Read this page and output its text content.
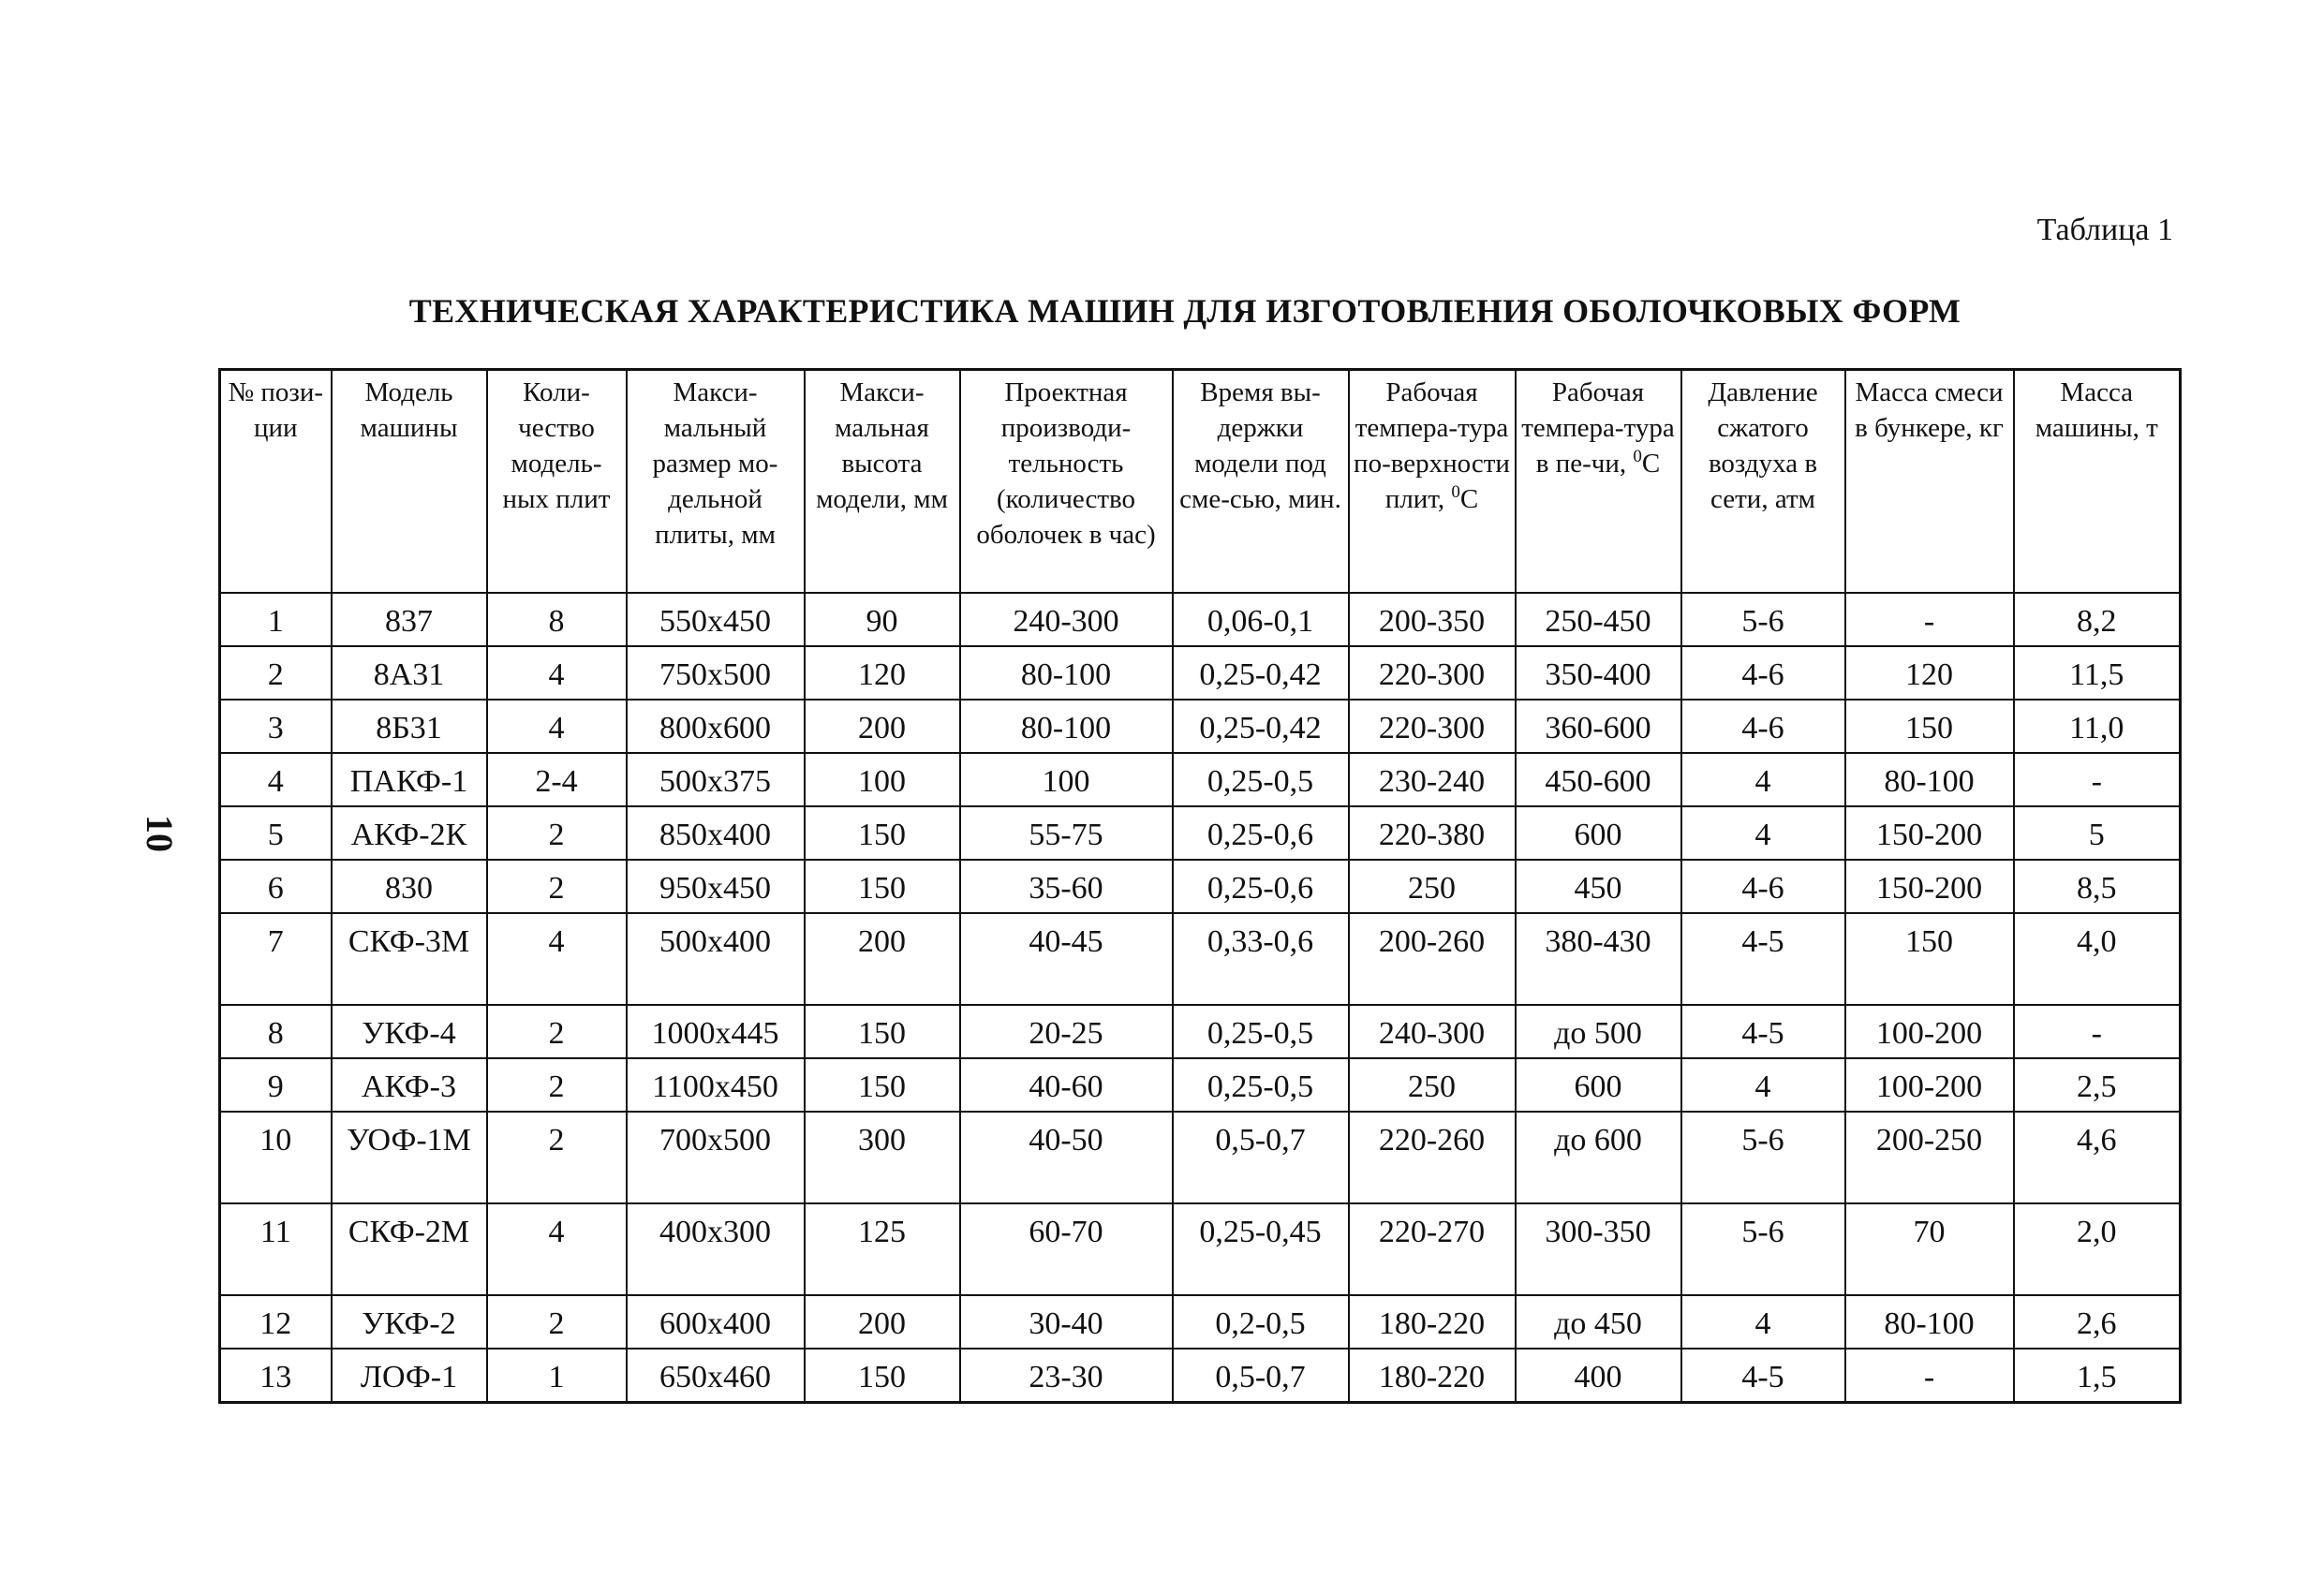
Таблица 1
ТЕХНИЧЕСКАЯ ХАРАКТЕРИСТИКА МАШИН ДЛЯ ИЗГОТОВЛЕНИЯ ОБОЛОЧКОВЫХ ФОРМ
10
№ пози-ции	Модель машины	Коли-чество модель-ных плит	Макси-мальный размер мо-дельной плиты, мм	Макси-мальная высота модели, мм	Проектная производи-тельность (количество оболочек в час)	Время вы-держки модели под сме-сью, мин.	Рабочая темпера-тура по-верхности плит, $^0$С	Рабочая темпера-тура в пе-чи, $^0$С	Давление сжатого воздуха в сети, атм	Масса смеси в бункере, кг	Масса машины, т
1	837	8	550х450	90	240-300	0,06-0,1	200-350	250-450	5-6	-	8,2
2	8А31	4	750х500	120	80-100	0,25-0,42	220-300	350-400	4-6	120	11,5
3	8Б31	4	800х600	200	80-100	0,25-0,42	220-300	360-600	4-6	150	11,0
4	ПАКФ-1	2-4	500х375	100	100	0,25-0,5	230-240	450-600	4	80-100	-
5	АКФ-2К	2	850х400	150	55-75	0,25-0,6	220-380	600	4	150-200	5
6	830	2	950х450	150	35-60	0,25-0,6	250	450	4-6	150-200	8,5
7	СКФ-3М	4	500х400	200	40-45	0,33-0,6	200-260	380-430	4-5	150	4,0
8	УКФ-4	2	1000х445	150	20-25	0,25-0,5	240-300	до 500	4-5	100-200	-
9	АКФ-3	2	1100х450	150	40-60	0,25-0,5	250	600	4	100-200	2,5
10	УОФ-1М	2	700х500	300	40-50	0,5-0,7	220-260	до 600	5-6	200-250	4,6
11	СКФ-2М	4	400х300	125	60-70	0,25-0,45	220-270	300-350	5-6	70	2,0
12	УКФ-2	2	600х400	200	30-40	0,2-0,5	180-220	до 450	4	80-100	2,6
13	ЛОФ-1	1	650х460	150	23-30	0,5-0,7	180-220	400	4-5	-	1,5
